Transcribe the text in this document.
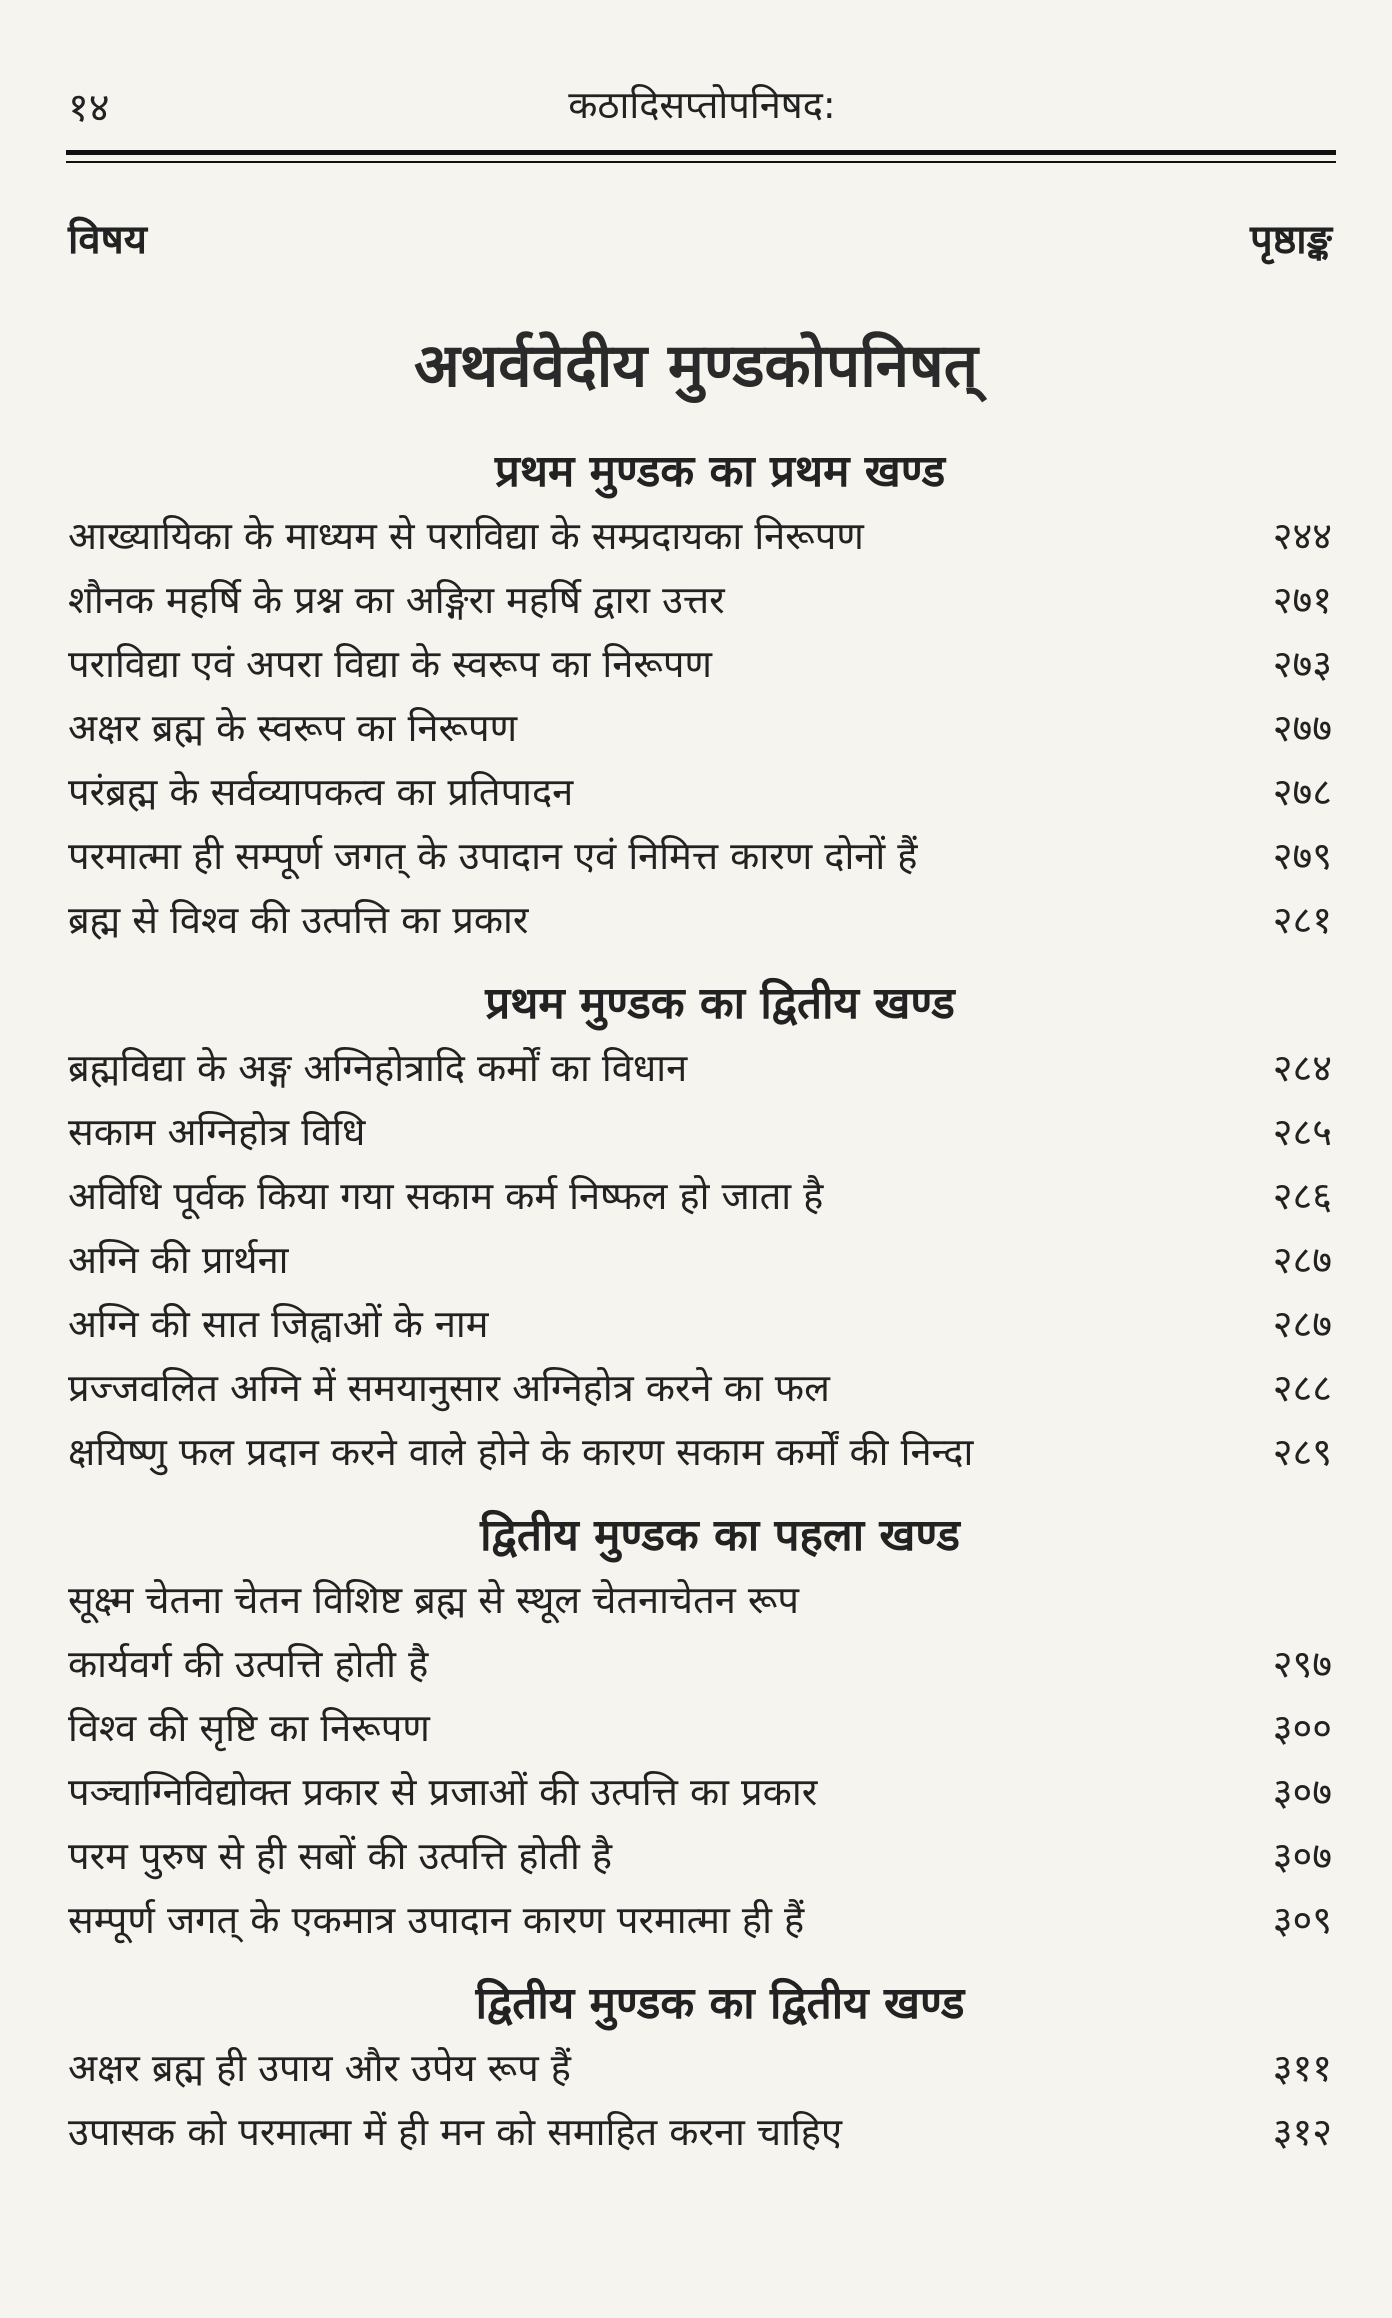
१४	कठादिसप्तोपनिषद:
विषय	पृष्ठाङ्क
अथर्ववेदीय मुण्डकोपनिषत्
प्रथम मुण्डक का प्रथम खण्ड
आख्यायिका के माध्यम से पराविद्या के सम्प्रदायका निरूपण	२४४
शौनक महर्षि के प्रश्न का अङ्गिरा महर्षि द्वारा उत्तर	२७१
पराविद्या एवं अपरा विद्या के स्वरूप का निरूपण	२७३
अक्षर ब्रह्म के स्वरूप का निरूपण	२७७
परंब्रह्म के सर्वव्यापकत्व का प्रतिपादन	२७८
परमात्मा ही सम्पूर्ण जगत् के उपादान एवं निमित्त कारण दोनों हैं	२७९
ब्रह्म से विश्व की उत्पत्ति का प्रकार	२८१
प्रथम मुण्डक का द्वितीय खण्ड
ब्रह्मविद्या के अङ्ग अग्निहोत्रादि कर्मों का विधान	२८४
सकाम अग्निहोत्र विधि	२८५
अविधि पूर्वक किया गया सकाम कर्म निष्फल हो जाता है	२८६
अग्नि की प्रार्थना	२८७
अग्नि की सात जिह्वाओं के नाम	२८७
प्रज्जवलित अग्नि में समयानुसार अग्निहोत्र करने का फल	२८८
क्षयिष्णु फल प्रदान करने वाले होने के कारण सकाम कर्मों की निन्दा	२८९
द्वितीय मुण्डक का पहला खण्ड
सूक्ष्म चेतना चेतन विशिष्ट ब्रह्म से स्थूल चेतनाचेतन रूप
कार्यवर्ग की उत्पत्ति होती है	२९७
विश्व की सृष्टि का निरूपण	३००
पञ्चाग्निविद्योक्त प्रकार से प्रजाओं की उत्पत्ति का प्रकार	३०७
परम पुरुष से ही सबों की उत्पत्ति होती है	३०७
सम्पूर्ण जगत् के एकमात्र उपादान कारण परमात्मा ही हैं	३०९
द्वितीय मुण्डक का द्वितीय खण्ड
अक्षर ब्रह्म ही उपाय और उपेय रूप हैं	३११
उपासक को परमात्मा में ही मन को समाहित करना चाहिए	३१२
